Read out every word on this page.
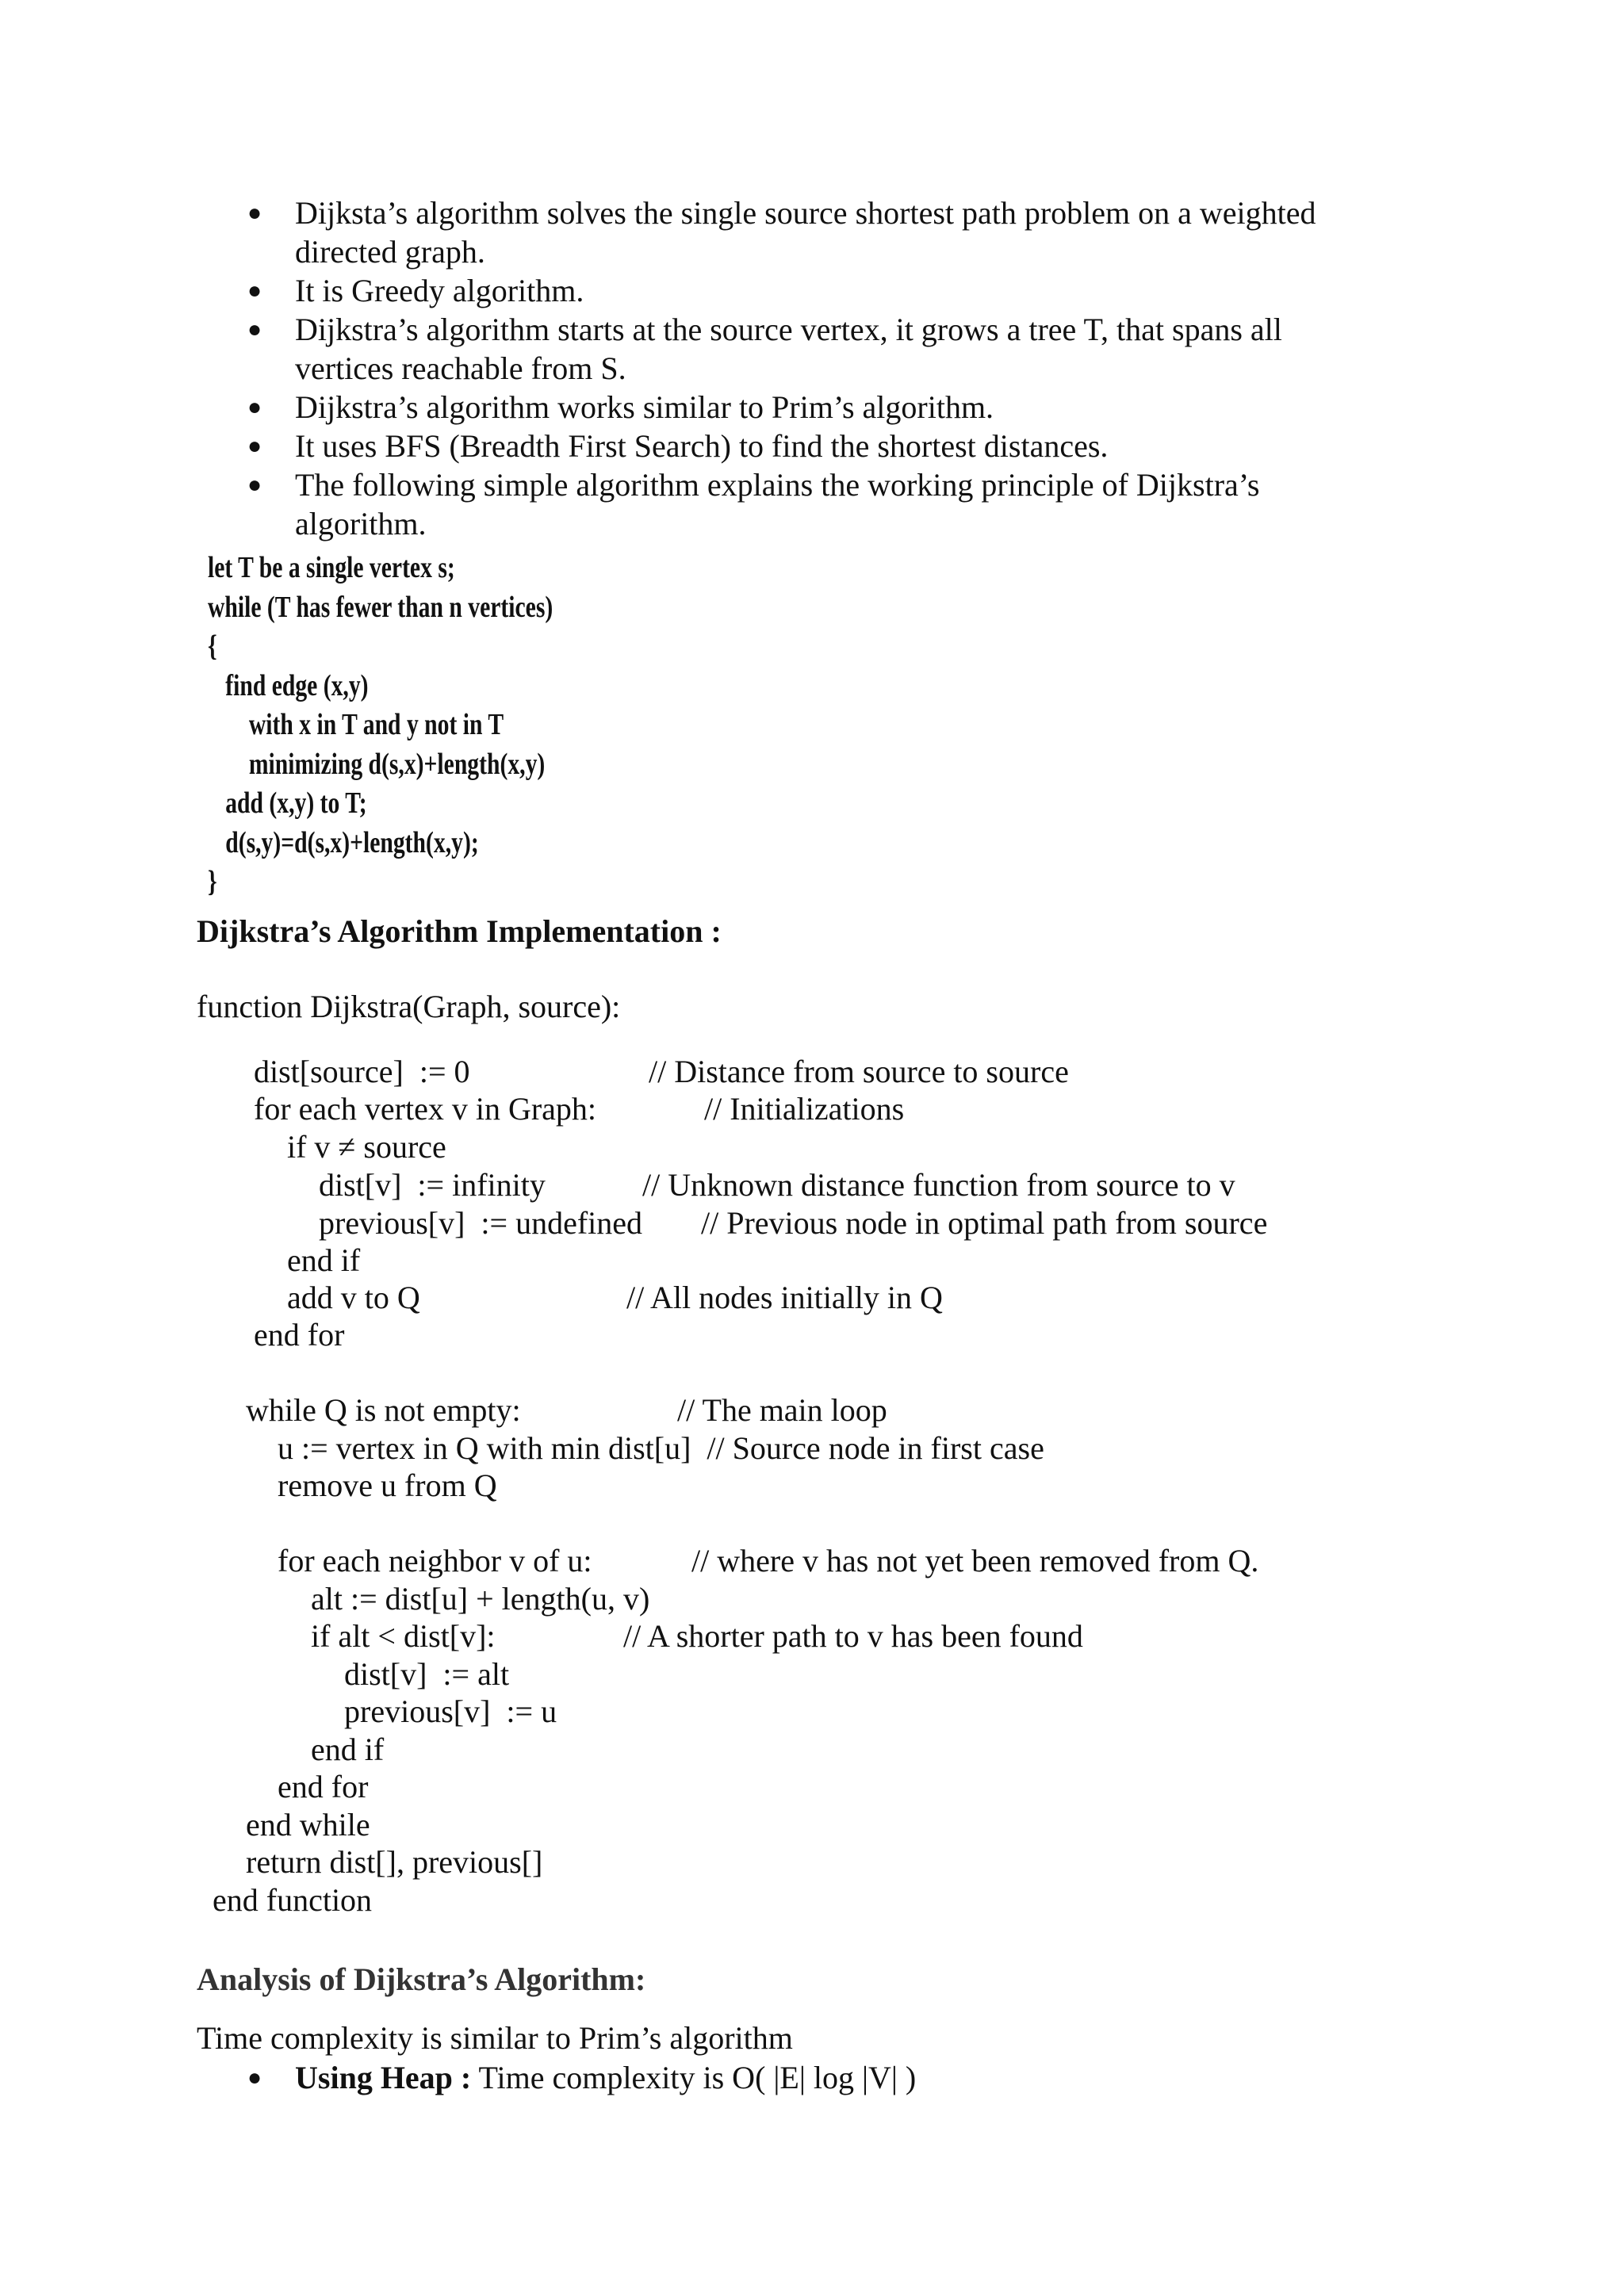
● Dijksta’s algorithm solves the single source shortest path problem on a weighted directed graph.
● It is Greedy algorithm.
● Dijkstra’s algorithm starts at the source vertex, it grows a tree T, that spans all vertices reachable from S.
● Dijkstra’s algorithm works similar to Prim’s algorithm.
● It uses BFS (Breadth First Search) to find the shortest distances.
● The following simple algorithm explains the working principle of Dijkstra’s algorithm.
let T be a single vertex s;
while (T has fewer than n vertices)
{
find edge (x,y)
with x in T and y not in T
minimizing d(s,x)+length(x,y)
add (x,y) to T;
d(s,y)=d(s,x)+length(x,y);
}
Dijkstra’s Algorithm Implementation :
function Dijkstra(Graph, source):
dist[source]  := 0	// Distance from source to source
for each vertex v in Graph:	// Initializations
if v ≠ source
dist[v]  := infinity	// Unknown distance function from source to v
previous[v]  := undefined // Previous node in optimal path from source
end if
add v to Q	// All nodes initially in Q
end for
while Q is not empty:	// The main loop
u := vertex in Q with min dist[u]  // Source node in first case
remove u from Q
for each neighbor v of u:	// where v has not yet been removed from Q.
alt := dist[u] + length(u, v)
if alt < dist[v]:	// A shorter path to v has been found
dist[v]  := alt
previous[v]  := u
end if
end for
end while
return dist[], previous[]
end function
Analysis of Dijkstra’s Algorithm:
Time complexity is similar to Prim’s algorithm
● Using Heap : Time complexity is O( |E| log |V| )
